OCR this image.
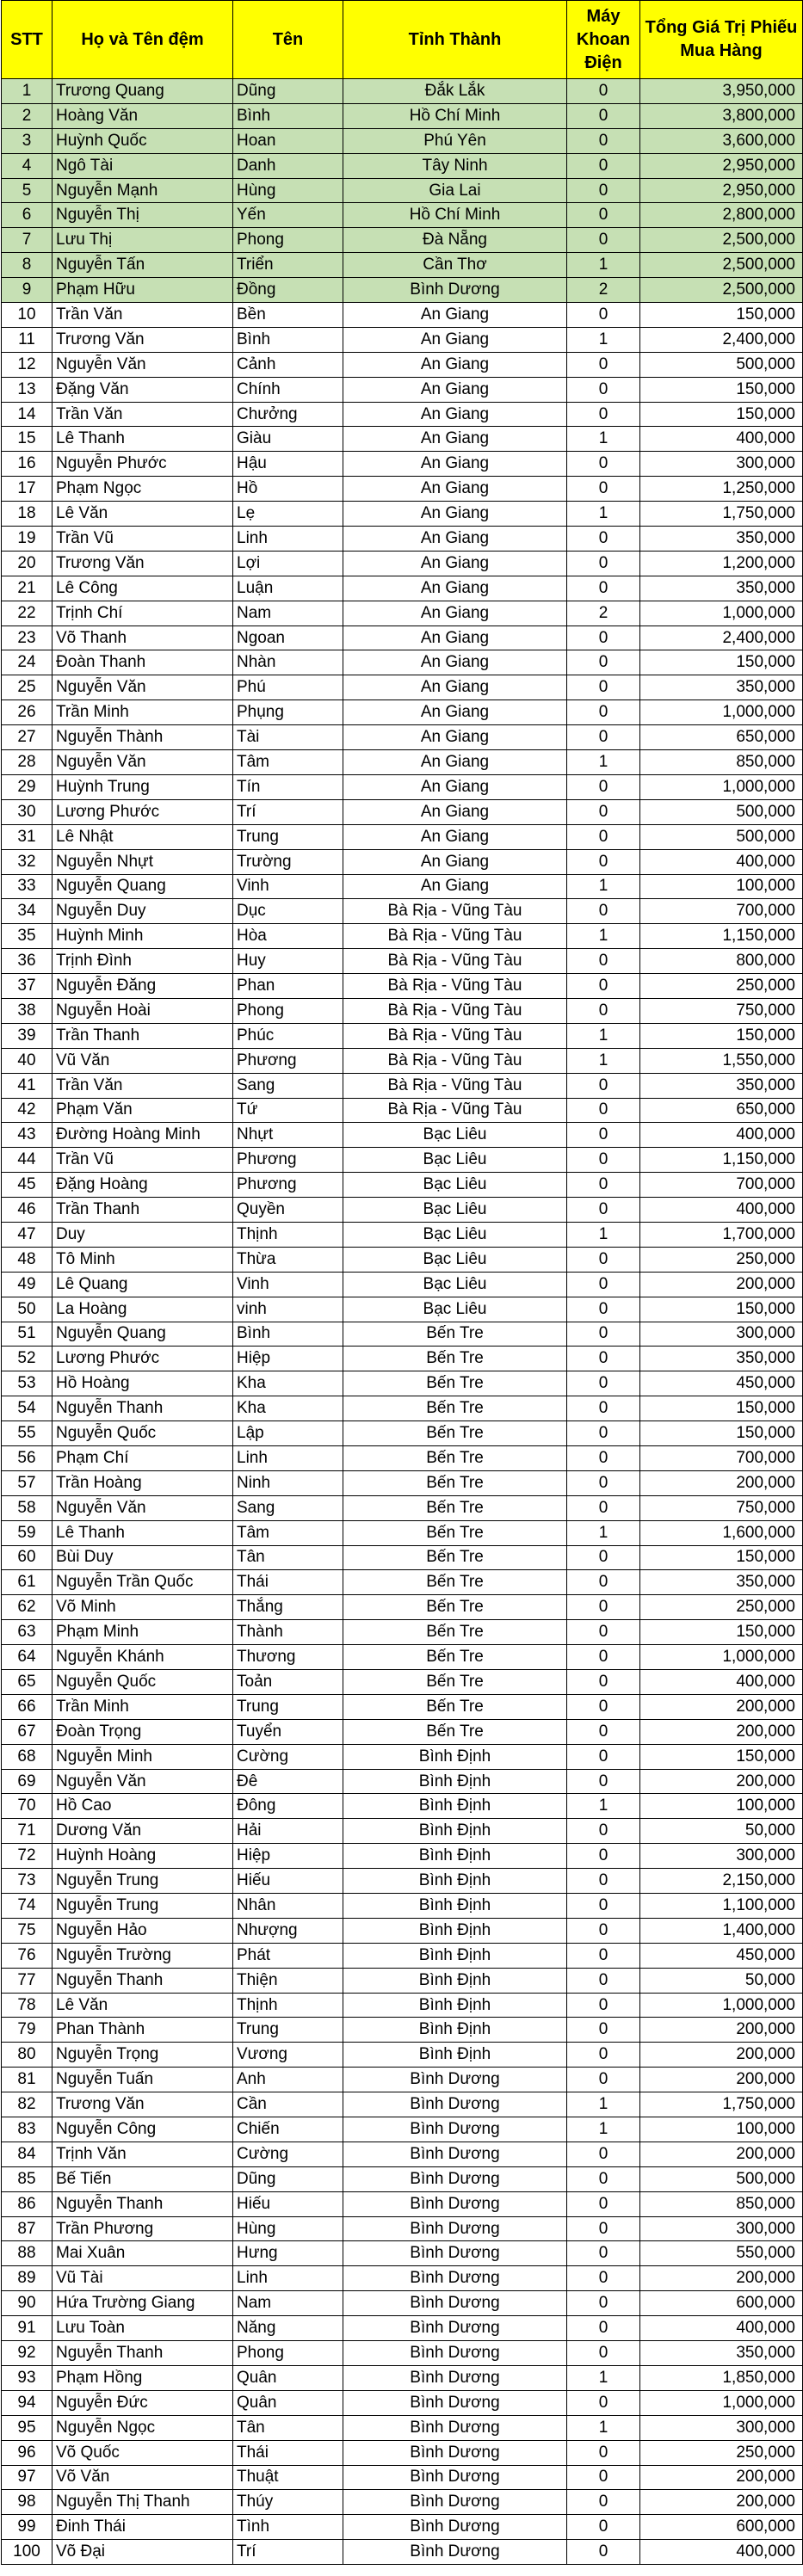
STT	Họ và Tên đệm	Tên	Tỉnh Thành	Máy Khoan Điện	Tổng Giá Trị Phiếu Mua Hàng
1	Trương Quang	Dũng	Đắk Lắk	0	3,950,000
2	Hoàng Văn	Bình	Hồ Chí Minh	0	3,800,000
3	Huỳnh Quốc	Hoan	Phú Yên	0	3,600,000
4	Ngô Tài	Danh	Tây Ninh	0	2,950,000
5	Nguyễn Mạnh	Hùng	Gia Lai	0	2,950,000
6	Nguyễn Thị	Yến	Hồ Chí Minh	0	2,800,000
7	Lưu Thị	Phong	Đà Nẵng	0	2,500,000
8	Nguyễn Tấn	Triển	Cần Thơ	1	2,500,000
9	Phạm Hữu	Đồng	Bình Dương	2	2,500,000
10	Trần Văn	Bền	An Giang	0	150,000
11	Trương Văn	Bình	An Giang	1	2,400,000
12	Nguyễn Văn	Cảnh	An Giang	0	500,000
13	Đặng Văn	Chính	An Giang	0	150,000
14	Trần Văn	Chưởng	An Giang	0	150,000
15	Lê Thanh	Giàu	An Giang	1	400,000
16	Nguyễn Phước	Hậu	An Giang	0	300,000
17	Phạm Ngọc	Hồ	An Giang	0	1,250,000
18	Lê Văn	Lẹ	An Giang	1	1,750,000
19	Trần Vũ	Linh	An Giang	0	350,000
20	Trương Văn	Lợi	An Giang	0	1,200,000
21	Lê Công	Luận	An Giang	0	350,000
22	Trịnh Chí	Nam	An Giang	2	1,000,000
23	Võ Thanh	Ngoan	An Giang	0	2,400,000
24	Đoàn Thanh	Nhàn	An Giang	0	150,000
25	Nguyễn Văn	Phú	An Giang	0	350,000
26	Trần Minh	Phụng	An Giang	0	1,000,000
27	Nguyễn Thành	Tài	An Giang	0	650,000
28	Nguyễn Văn	Tâm	An Giang	1	850,000
29	Huỳnh Trung	Tín	An Giang	0	1,000,000
30	Lương Phước	Trí	An Giang	0	500,000
31	Lê Nhật	Trung	An Giang	0	500,000
32	Nguyễn Nhựt	Trường	An Giang	0	400,000
33	Nguyễn Quang	Vinh	An Giang	1	100,000
34	Nguyễn Duy	Dục	Bà Rịa - Vũng Tàu	0	700,000
35	Huỳnh Minh	Hòa	Bà Rịa - Vũng Tàu	1	1,150,000
36	Trịnh Đình	Huy	Bà Rịa - Vũng Tàu	0	800,000
37	Nguyễn Đăng	Phan	Bà Rịa - Vũng Tàu	0	250,000
38	Nguyễn Hoài	Phong	Bà Rịa - Vũng Tàu	0	750,000
39	Trần Thanh	Phúc	Bà Rịa - Vũng Tàu	1	150,000
40	Vũ Văn	Phương	Bà Rịa - Vũng Tàu	1	1,550,000
41	Trần Văn	Sang	Bà Rịa - Vũng Tàu	0	350,000
42	Phạm Văn	Tứ	Bà Rịa - Vũng Tàu	0	650,000
43	Đường Hoàng Minh	Nhựt	Bạc Liêu	0	400,000
44	Trần Vũ	Phương	Bạc Liêu	0	1,150,000
45	Đặng Hoàng	Phương	Bạc Liêu	0	700,000
46	Trần Thanh	Quyền	Bạc Liêu	0	400,000
47	Duy	Thịnh	Bạc Liêu	1	1,700,000
48	Tô Minh	Thừa	Bạc Liêu	0	250,000
49	Lê Quang	Vinh	Bạc Liêu	0	200,000
50	La Hoàng	vinh	Bạc Liêu	0	150,000
51	Nguyễn Quang	Bình	Bến Tre	0	300,000
52	Lương Phước	Hiệp	Bến Tre	0	350,000
53	Hồ Hoàng	Kha	Bến Tre	0	450,000
54	Nguyễn Thanh	Kha	Bến Tre	0	150,000
55	Nguyễn Quốc	Lập	Bến Tre	0	150,000
56	Phạm Chí	Linh	Bến Tre	0	700,000
57	Trần Hoàng	Ninh	Bến Tre	0	200,000
58	Nguyễn Văn	Sang	Bến Tre	0	750,000
59	Lê Thanh	Tâm	Bến Tre	1	1,600,000
60	Bùi Duy	Tân	Bến Tre	0	150,000
61	Nguyễn Trần Quốc	Thái	Bến Tre	0	350,000
62	Võ Minh	Thắng	Bến Tre	0	250,000
63	Phạm Minh	Thành	Bến Tre	0	150,000
64	Nguyễn Khánh	Thương	Bến Tre	0	1,000,000
65	Nguyễn Quốc	Toản	Bến Tre	0	400,000
66	Trần Minh	Trung	Bến Tre	0	200,000
67	Đoàn Trọng	Tuyển	Bến Tre	0	200,000
68	Nguyễn Minh	Cường	Bình Định	0	150,000
69	Nguyễn Văn	Đê	Bình Định	0	200,000
70	Hồ Cao	Đông	Bình Định	1	100,000
71	Dương Văn	Hải	Bình Định	0	50,000
72	Huỳnh Hoàng	Hiệp	Bình Định	0	300,000
73	Nguyễn Trung	Hiếu	Bình Định	0	2,150,000
74	Nguyễn Trung	Nhân	Bình Định	0	1,100,000
75	Nguyễn Hảo	Nhượng	Bình Định	0	1,400,000
76	Nguyễn Trường	Phát	Bình Định	0	450,000
77	Nguyễn Thanh	Thiện	Bình Định	0	50,000
78	Lê Văn	Thịnh	Bình Định	0	1,000,000
79	Phan Thành	Trung	Bình Định	0	200,000
80	Nguyễn Trọng	Vương	Bình Định	0	200,000
81	Nguyễn Tuấn	Anh	Bình Dương	0	200,000
82	Trương Văn	Cần	Bình Dương	1	1,750,000
83	Nguyễn Công	Chiến	Bình Dương	1	100,000
84	Trịnh Văn	Cường	Bình Dương	0	200,000
85	Bế Tiến	Dũng	Bình Dương	0	500,000
86	Nguyễn Thanh	Hiếu	Bình Dương	0	850,000
87	Trần Phương	Hùng	Bình Dương	0	300,000
88	Mai Xuân	Hưng	Bình Dương	0	550,000
89	Vũ Tài	Linh	Bình Dương	0	200,000
90	Hứa Trường Giang	Nam	Bình Dương	0	600,000
91	Lưu Toàn	Năng	Bình Dương	0	400,000
92	Nguyễn Thanh	Phong	Bình Dương	0	350,000
93	Phạm Hồng	Quân	Bình Dương	1	1,850,000
94	Nguyễn Đức	Quân	Bình Dương	0	1,000,000
95	Nguyễn Ngọc	Tân	Bình Dương	1	300,000
96	Võ Quốc	Thái	Bình Dương	0	250,000
97	Võ Văn	Thuật	Bình Dương	0	200,000
98	Nguyễn Thị Thanh	Thúy	Bình Dương	0	200,000
99	Đinh Thái	Tình	Bình Dương	0	600,000
100	Võ Đại	Trí	Bình Dương	0	400,000
